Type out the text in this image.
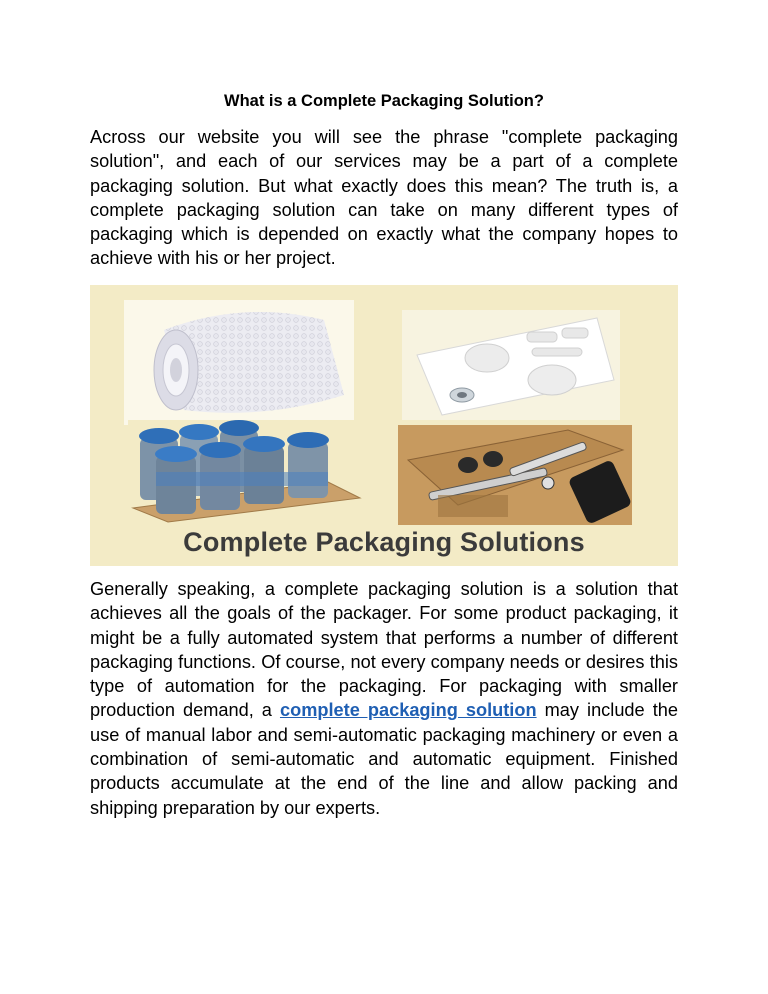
What is a Complete Packaging Solution?

Across our website you will see the phrase "complete packaging solution", and each of our services may be a part of a complete packaging solution. But what exactly does this mean? The truth is, a complete packaging solution can take on many different types of packaging which is depended on exactly what the company hopes to achieve with his or her project.

Complete Packaging Solutions

Generally speaking, a complete packaging solution is a solution that achieves all the goals of the packager. For some product packaging, it might be a fully automated system that performs a number of different packaging functions. Of course, not every company needs or desires this type of automation for the packaging. For packaging with smaller production demand, a complete packaging solution may include the use of manual labor and semi-automatic packaging machinery or even a combination of semi-automatic and automatic equipment. Finished products accumulate at the end of the line and allow packing and shipping preparation by our experts.
